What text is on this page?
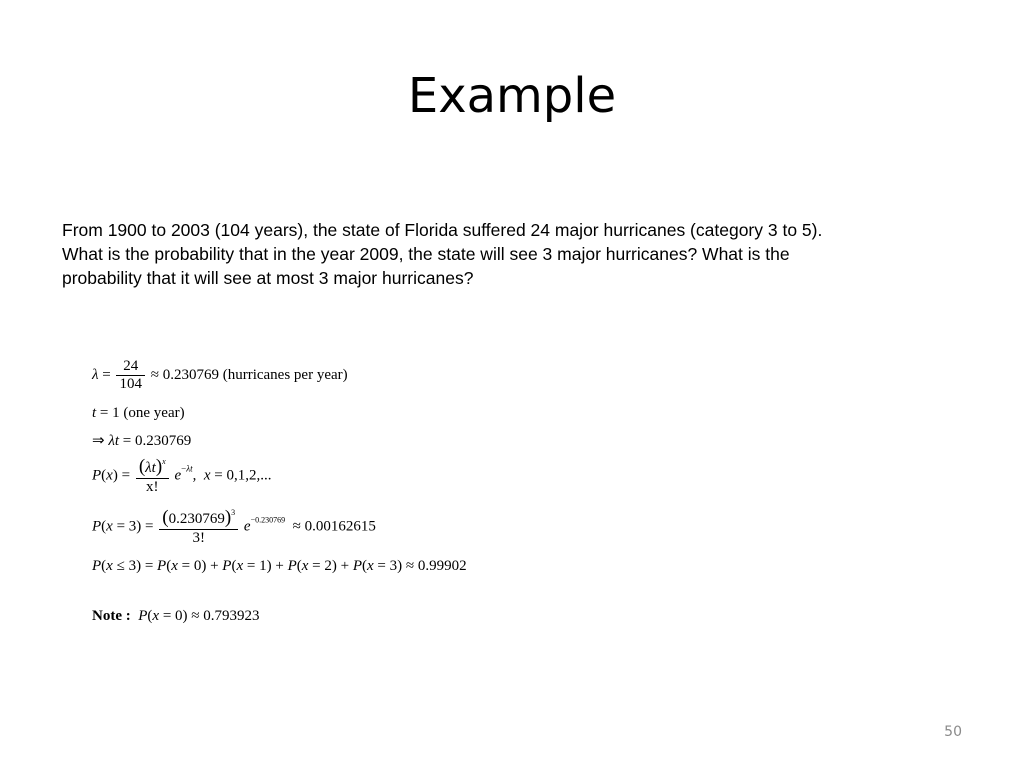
Example
From 1900 to 2003 (104 years), the state of Florida suffered 24 major hurricanes (category 3 to 5).
What is the probability that in the year 2009, the state will see 3 major hurricanes? What is the
probability that it will see at most 3 major hurricanes?
$\lambda = \frac{24}{104} \approx 0.230769$ (hurricanes per year)
t = 1 (one year)
⇒ λt = 0.230769
$P(x) = \frac{(\lambda t)^x}{x!} e^{-\lambda t}$,  x = 0,1,2,...
$P(x = 3) = \frac{(0.230769)^3}{3!} e^{-0.230769} \approx 0.00162615$
P(x ≤ 3) = P(x = 0) + P(x = 1) + P(x = 2) + P(x = 3) ≈ 0.99902
Note : P(x = 0) ≈ 0.793923
50
